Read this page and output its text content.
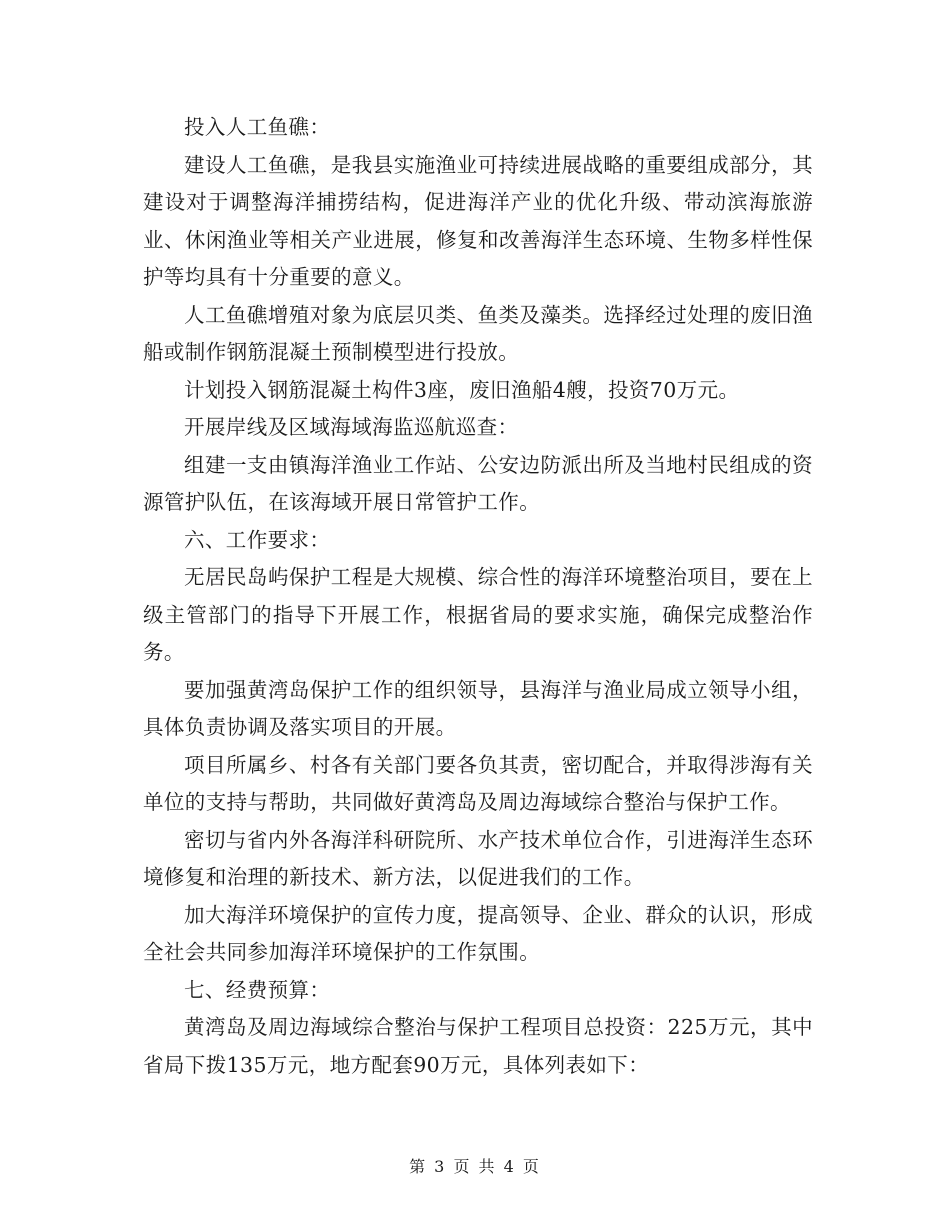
投入人工鱼礁：

建设人工鱼礁，是我县实施渔业可持续进展战略的重要组成部分，其建设对于调整海洋捕捞结构，促进海洋产业的优化升级、带动滨海旅游业、休闲渔业等相关产业进展，修复和改善海洋生态环境、生物多样性保护等均具有十分重要的意义。

人工鱼礁增殖对象为底层贝类、鱼类及藻类。选择经过处理的废旧渔船或制作钢筋混凝土预制模型进行投放。

计划投入钢筋混凝土构件3座，废旧渔船4艘，投资70万元。

开展岸线及区域海域海监巡航巡查：

组建一支由镇海洋渔业工作站、公安边防派出所及当地村民组成的资源管护队伍，在该海域开展日常管护工作。

六、工作要求：

无居民岛屿保护工程是大规模、综合性的海洋环境整治项目，要在上级主管部门的指导下开展工作，根据省局的要求实施，确保完成整治作务。

要加强黄湾岛保护工作的组织领导，县海洋与渔业局成立领导小组，具体负责协调及落实项目的开展。

项目所属乡、村各有关部门要各负其责，密切配合，并取得涉海有关单位的支持与帮助，共同做好黄湾岛及周边海域综合整治与保护工作。

密切与省内外各海洋科研院所、水产技术单位合作，引进海洋生态环境修复和治理的新技术、新方法，以促进我们的工作。

加大海洋环境保护的宣传力度，提高领导、企业、群众的认识，形成全社会共同参加海洋环境保护的工作氛围。

七、经费预算：

黄湾岛及周边海域综合整治与保护工程项目总投资：225万元，其中省局下拨135万元，地方配套90万元，具体列表如下：

第 3 页 共 4 页
